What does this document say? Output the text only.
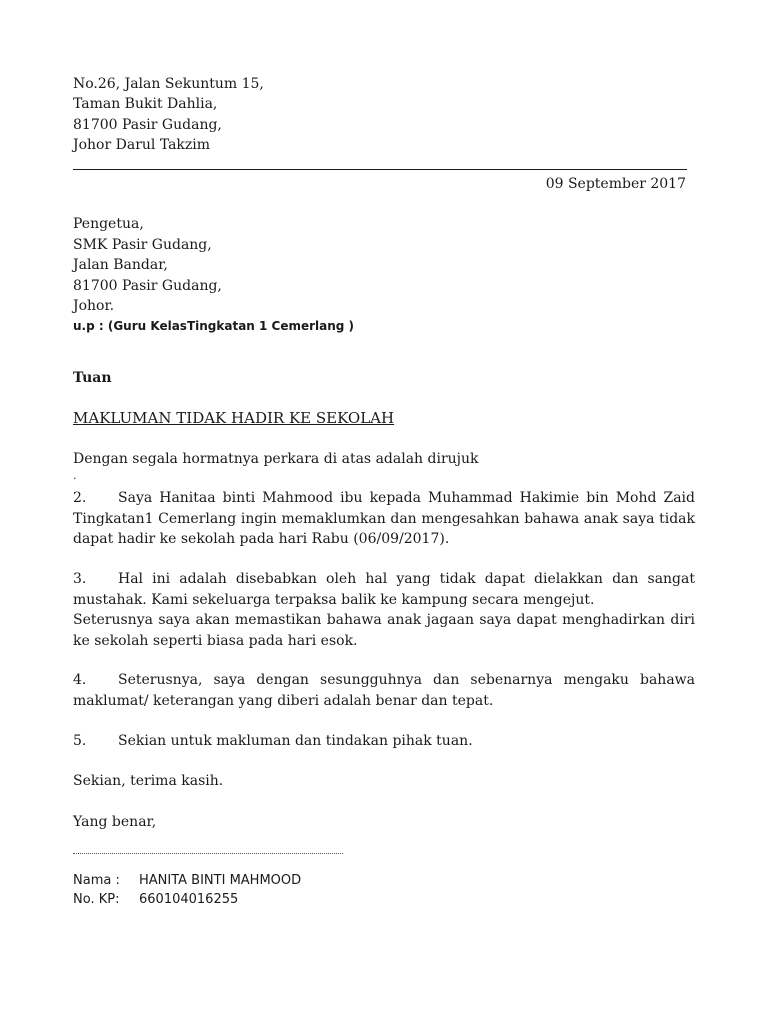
No.26, Jalan Sekuntum 15,
Taman Bukit Dahlia,
81700 Pasir Gudang,
Johor Darul Takzim
09 September 2017
Pengetua,
SMK Pasir Gudang,
Jalan Bandar,
81700 Pasir Gudang,
Johor.
u.p : (Guru KelasTingkatan 1 Cemerlang )
Tuan
MAKLUMAN TIDAK HADIR KE SEKOLAH
Dengan segala hormatnya perkara di atas adalah dirujuk
.
2. Saya Hanitaa binti Mahmood ibu kepada Muhammad Hakimie bin Mohd Zaid Tingkatan1 Cemerlang ingin memaklumkan dan mengesahkan bahawa anak saya tidak dapat hadir ke sekolah pada hari Rabu (06/09/2017).
3. Hal ini adalah disebabkan oleh hal yang tidak dapat dielakkan dan sangat mustahak. Kami sekeluarga terpaksa balik ke kampung secara mengejut.
Seterusnya saya akan memastikan bahawa anak jagaan saya dapat menghadirkan diri ke sekolah seperti biasa pada hari esok.
4. Seterusnya, saya dengan sesungguhnya dan sebenarnya mengaku bahawa maklumat/ keterangan yang diberi adalah benar dan tepat.
5. Sekian untuk makluman dan tindakan pihak tuan.
Sekian, terima kasih.
Yang benar,
Nama : HANITA BINTI MAHMOOD
No. KP: 660104016255
